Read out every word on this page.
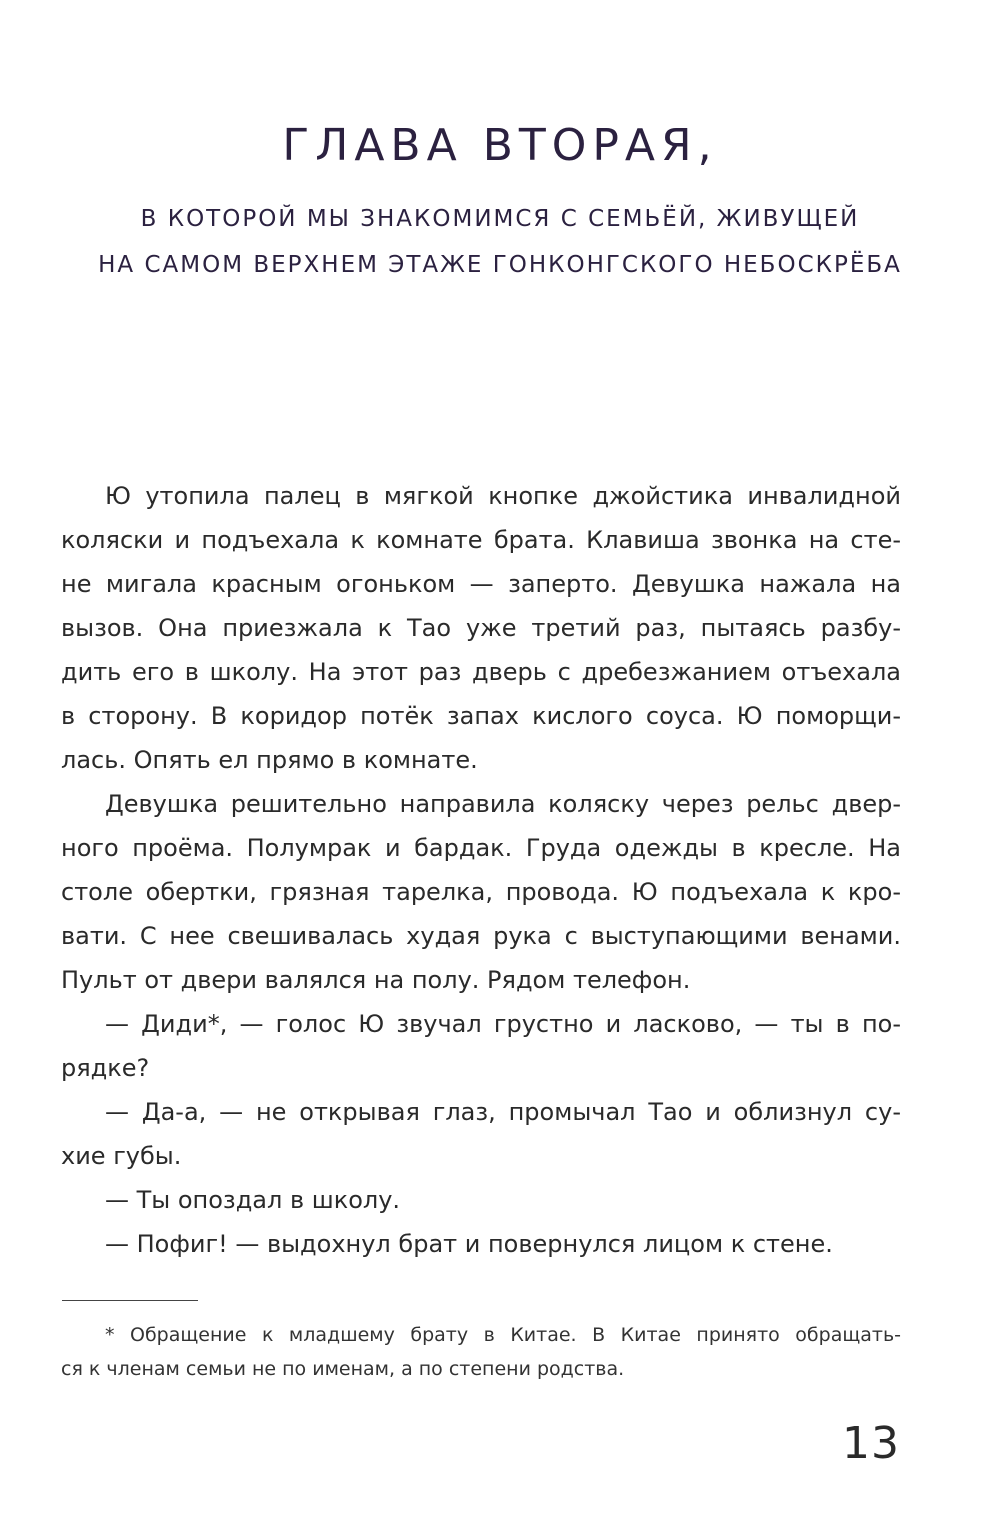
ГЛАВА ВТОРАЯ,
В КОТОРОЙ МЫ ЗНАКОМИМСЯ С СЕМЬЁЙ, ЖИВУЩЕЙ
НА САМОМ ВЕРХНЕМ ЭТАЖЕ ГОНКОНГСКОГО НЕБОСКРЁБА
Ю утопила палец в мягкой кнопке джойстика инвалидной
коляски и подъехала к комнате брата. Клавиша звонка на сте-
не мигала красным огоньком — заперто. Девушка нажала на
вызов. Она приезжала к Тао уже третий раз, пытаясь разбу-
дить его в школу. На этот раз дверь с дребезжанием отъехала
в сторону. В коридор потёк запах кислого соуса. Ю поморщи-
лась. Опять ел прямо в комнате.
Девушка решительно направила коляску через рельс двер-
ного проёма. Полумрак и бардак. Груда одежды в кресле. На
столе обертки, грязная тарелка, провода. Ю подъехала к кро-
вати. С нее свешивалась худая рука с выступающими венами.
Пульт от двери валялся на полу. Рядом телефон.
— Диди*, — голос Ю звучал грустно и ласково, — ты в по-
рядке?
— Да-а, — не открывая глаз, промычал Тао и облизнул су-
хие губы.
— Ты опоздал в школу.
— Пофиг! — выдохнул брат и повернулся лицом к стене.
* Обращение к младшему брату в Китае. В Китае принято обращать-
ся к членам семьи не по именам, а по степени родства.
13
